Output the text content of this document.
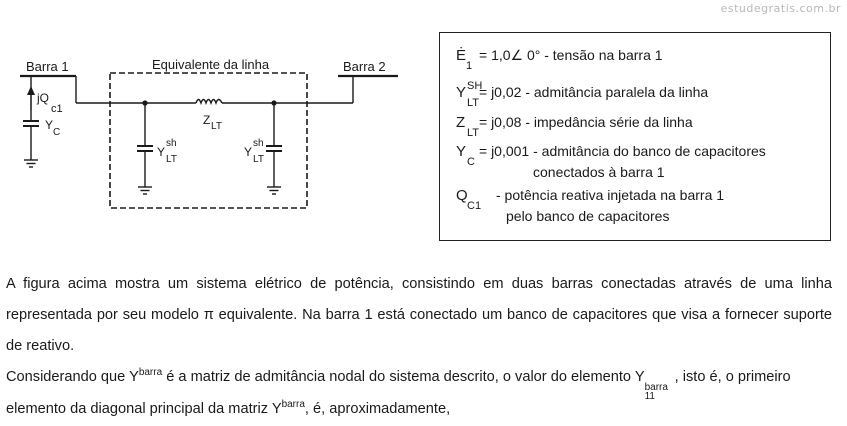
estudegratis.com.br
Barra 1	Barra 2
Equivalente da linha
jQ
c1
Y
C
Z LT
Y
sh
LT
Y
sh
LT
Ė
1
= 1,0∠ 0° - tensão na barra 1
Y SH
LT
= j0,02 - admitância paralela da linha
Z
LT
= j0,08 - impedância série da linha
Y
C
= j0,001 - admitância do banco de capacitores
conectados à barra 1
Q
C1
- potência reativa injetada na barra 1
pelo banco de capacitores

A figura acima mostra um sistema elétrico de potência, consistindo em duas barras conectadas através de uma linha representada por seu modelo π equivalente. Na barra 1 está conectado um banco de capacitores que visa a fornecer suporte de reativo.

Considerando que $Y^{barra}$ é a matriz de admitância nodal do sistema descrito, o valor do elemento Y
barra
11
, isto é, o primeiro elemento da diagonal principal da matriz $Y^{barra}$, é, aproximadamente,
